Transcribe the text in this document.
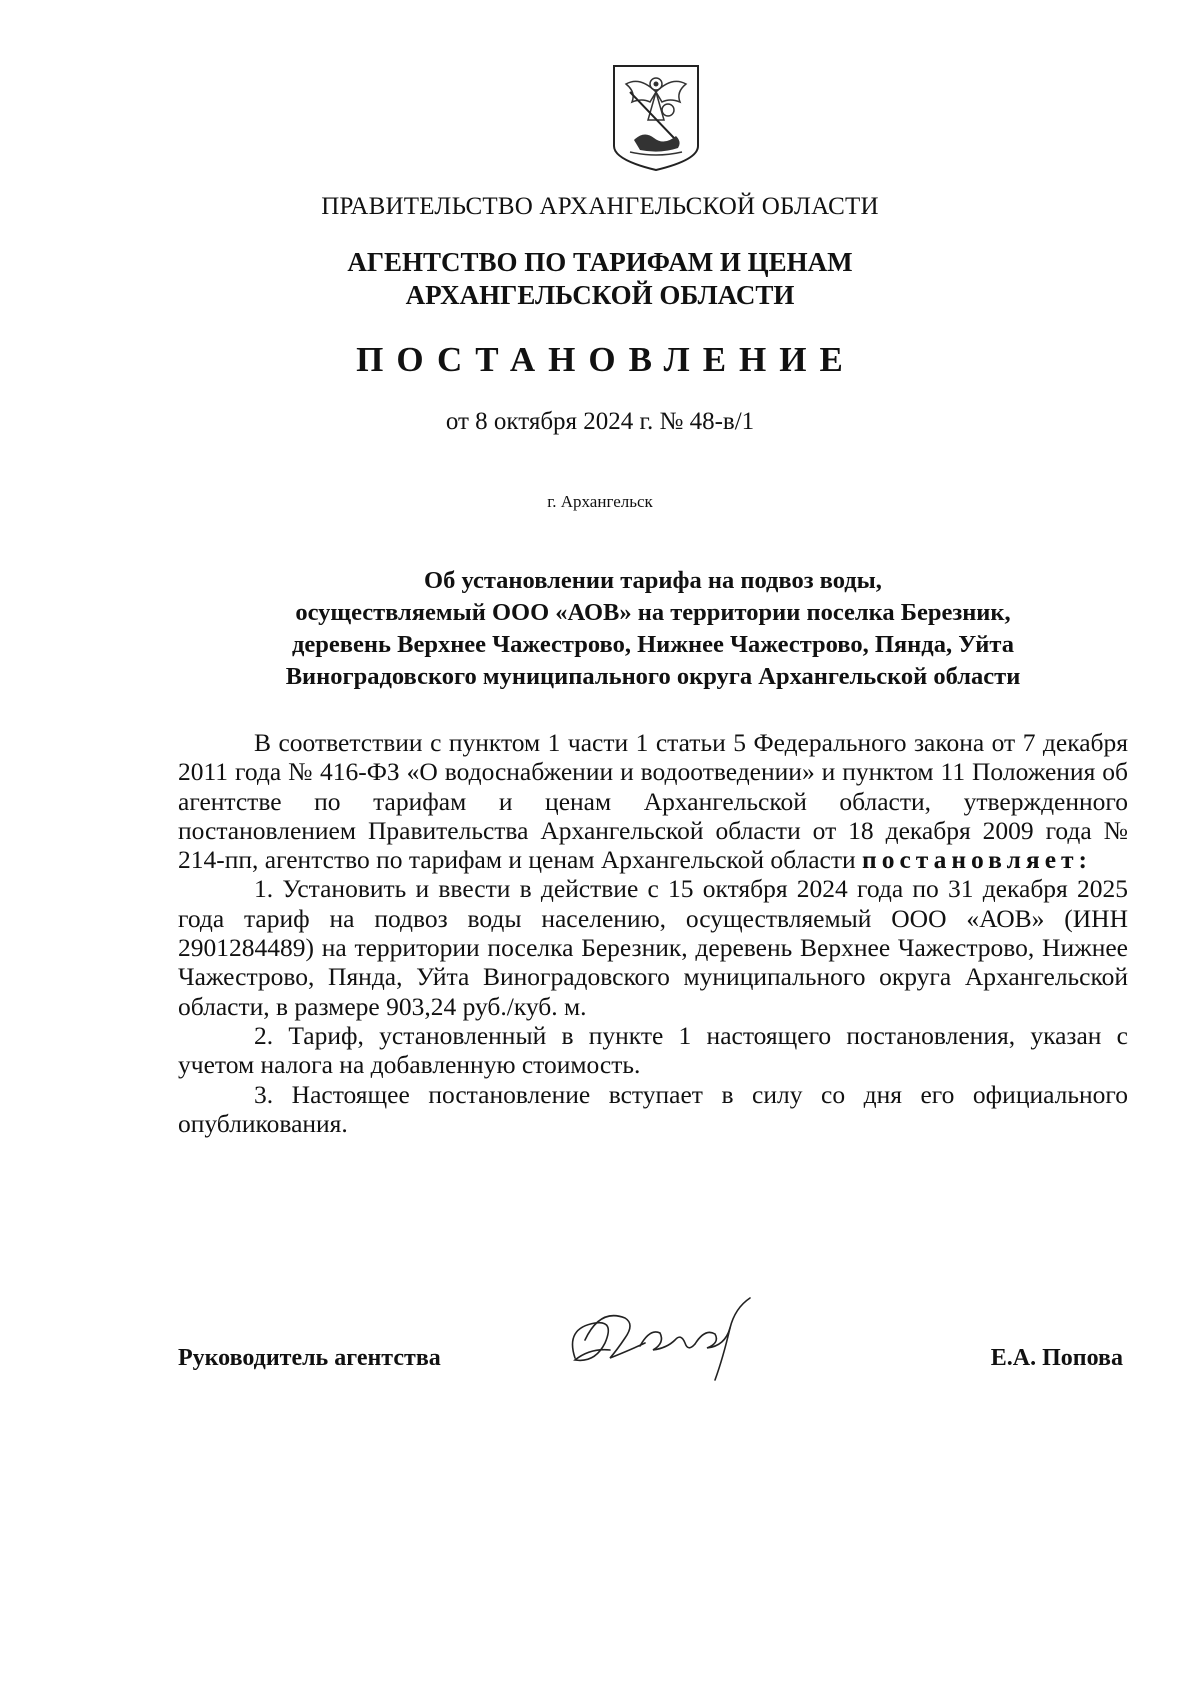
ПРАВИТЕЛЬСТВО АРХАНГЕЛЬСКОЙ ОБЛАСТИ
АГЕНТСТВО ПО ТАРИФАМ И ЦЕНАМ
АРХАНГЕЛЬСКОЙ ОБЛАСТИ
ПОСТАНОВЛЕНИЕ
от 8 октября 2024 г. № 48-в/1
г. Архангельск
Об установлении тарифа на подвоз воды,
осуществляемый ООО «АОВ» на территории поселка Березник,
деревень Верхнее Чажестрово, Нижнее Чажестрово, Пянда, Уйта
Виноградовского муниципального округа Архангельской области

В соответствии с пунктом 1 части 1 статьи 5 Федерального закона от 7 декабря 2011 года № 416-ФЗ «О водоснабжении и водоотведении» и пунктом 11 Положения об агентстве по тарифам и ценам Архангельской области, утвержденного постановлением Правительства Архангельской области от 18 декабря 2009 года № 214-пп, агентство по тарифам и ценам Архангельской области постановляет:

1. Установить и ввести в действие с 15 октября 2024 года по 31 декабря 2025 года тариф на подвоз воды населению, осуществляемый ООО «АОВ» (ИНН 2901284489) на территории поселка Березник, деревень Верхнее Чажестрово, Нижнее Чажестрово, Пянда, Уйта Виноградовского муниципального округа Архангельской области, в размере 903,24 руб./куб. м.

2. Тариф, установленный в пункте 1 настоящего постановления, указан с учетом налога на добавленную стоимость.

3. Настоящее постановление вступает в силу со дня его официального опубликования.

Руководитель агентства	Е.А. Попова
